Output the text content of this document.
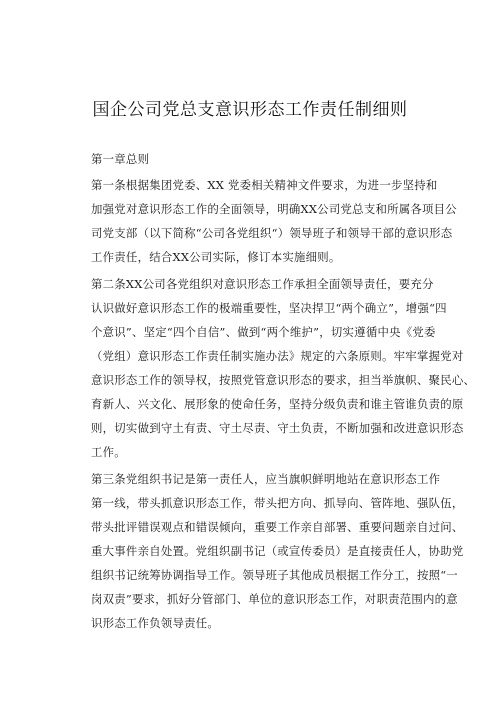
国企公司党总支意识形态工作责任制细则
第一章总则
第一条根据集团党委、XX 党委相关精神文件要求，为进一步坚持和
加强党对意识形态工作的全面领导，明确XX公司党总支和所属各项目公
司党支部（以下简称“公司各党组织“）领导班子和领导干部的意识形态
工作责任，结合XX公司实际，修订本实施细则。
第二条XX公司各党组织对意识形态工作承担全面领导责任，要充分
认识做好意识形态工作的极端重要性，坚决捍卫“两个确立”，增强“四
个意识”、坚定“四个自信”、做到“两个维护”，切实遵循中央《党委
（党组）意识形态工作责任制实施办法》规定的六条原则。牢牢掌握党对
意识形态工作的领导权，按照党管意识形态的要求，担当举旗帜、聚民心、
育新人、兴文化、展形象的使命任务，坚持分级负责和谁主管谁负责的原
则，切实做到守土有责、守土尽责、守土负责，不断加强和改进意识形态
工作。
第三条党组织书记是第一责任人，应当旗帜鲜明地站在意识形态工作
第一线，带头抓意识形态工作，带头把方向、抓导向、管阵地、强队伍，
带头批评错误观点和错误倾向，重要工作亲自部署、重要问题亲自过问、
重大事件亲自处置。党组织副书记（或宣传委员）是直接责任人，协助党
组织书记统筹协调指导工作。领导班子其他成员根据工作分工，按照“一
岗双责”要求，抓好分管部门、单位的意识形态工作，对职责范围内的意
识形态工作负领导责任。
